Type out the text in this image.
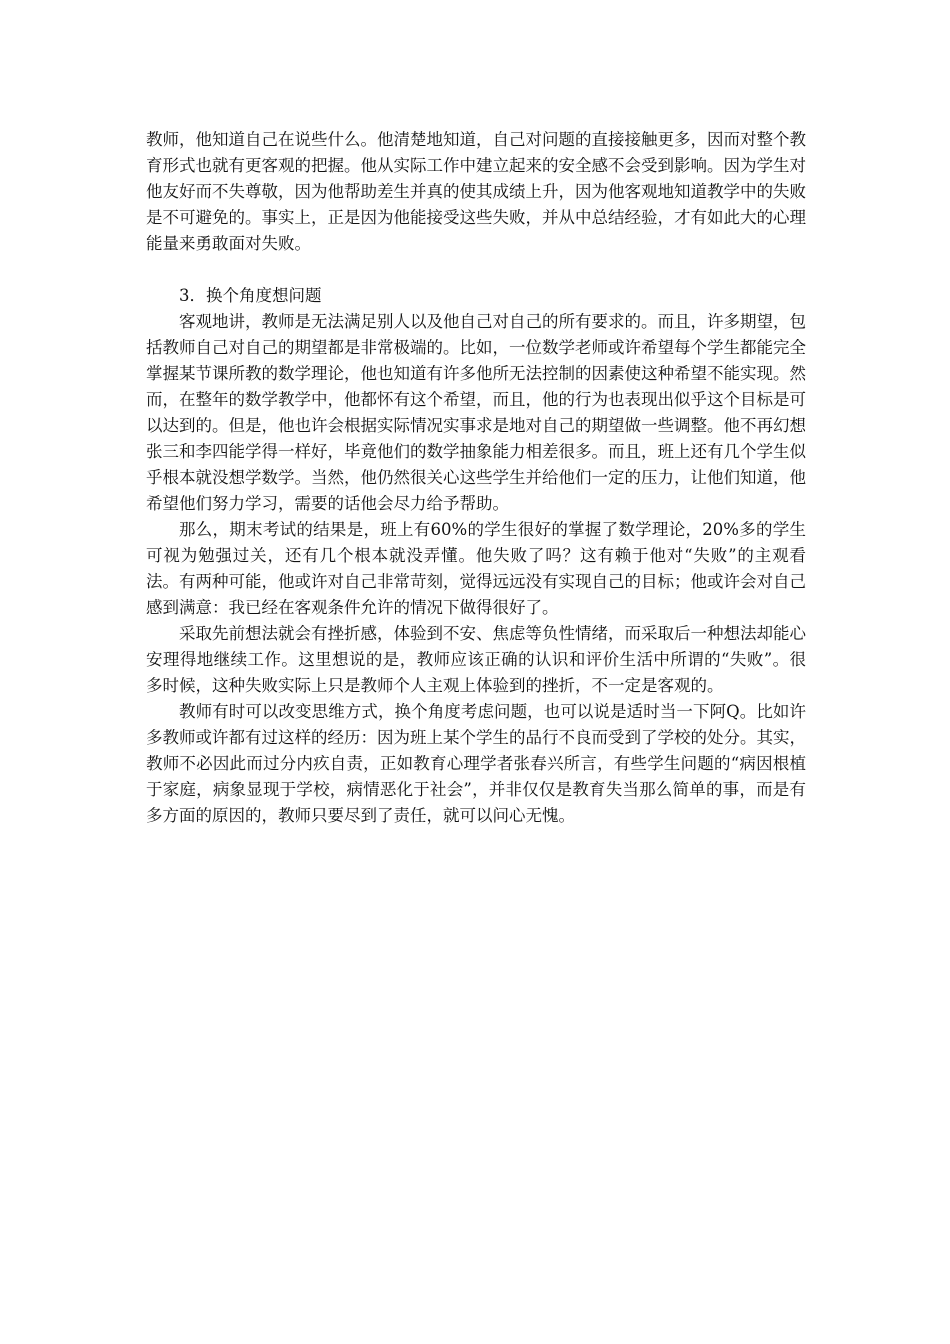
教师，他知道自己在说些什么。他清楚地知道，自己对问题的直接接触更多，因而对整个教育形式也就有更客观的把握。他从实际工作中建立起来的安全感不会受到影响。因为学生对他友好而不失尊敬，因为他帮助差生并真的使其成绩上升，因为他客观地知道教学中的失败是不可避免的。事实上，正是因为他能接受这些失败，并从中总结经验，才有如此大的心理能量来勇敢面对失败。

3．换个角度想问题

客观地讲，教师是无法满足别人以及他自己对自己的所有要求的。而且，许多期望，包括教师自己对自己的期望都是非常极端的。比如，一位数学老师或许希望每个学生都能完全掌握某节课所教的数学理论，他也知道有许多他所无法控制的因素使这种希望不能实现。然而，在整年的数学教学中，他都怀有这个希望，而且，他的行为也表现出似乎这个目标是可以达到的。但是，他也许会根据实际情况实事求是地对自己的期望做一些调整。他不再幻想张三和李四能学得一样好，毕竟他们的数学抽象能力相差很多。而且，班上还有几个学生似乎根本就没想学数学。当然，他仍然很关心这些学生并给他们一定的压力，让他们知道，他希望他们努力学习，需要的话他会尽力给予帮助。

那么，期末考试的结果是，班上有60%的学生很好的掌握了数学理论，20%多的学生可视为勉强过关，还有几个根本就没弄懂。他失败了吗？这有赖于他对“失败”的主观看法。有两种可能，他或许对自己非常苛刻，觉得远远没有实现自己的目标；他或许会对自己感到满意：我已经在客观条件允许的情况下做得很好了。

采取先前想法就会有挫折感，体验到不安、焦虑等负性情绪，而采取后一种想法却能心安理得地继续工作。这里想说的是，教师应该正确的认识和评价生活中所谓的“失败”。很多时候，这种失败实际上只是教师个人主观上体验到的挫折，不一定是客观的。

教师有时可以改变思维方式，换个角度考虑问题，也可以说是适时当一下阿Q。比如许多教师或许都有过这样的经历：因为班上某个学生的品行不良而受到了学校的处分。其实，教师不必因此而过分内疚自责，正如教育心理学者张春兴所言，有些学生问题的“病因根植于家庭，病象显现于学校，病情恶化于社会”，并非仅仅是教育失当那么简单的事，而是有多方面的原因的，教师只要尽到了责任，就可以问心无愧。
